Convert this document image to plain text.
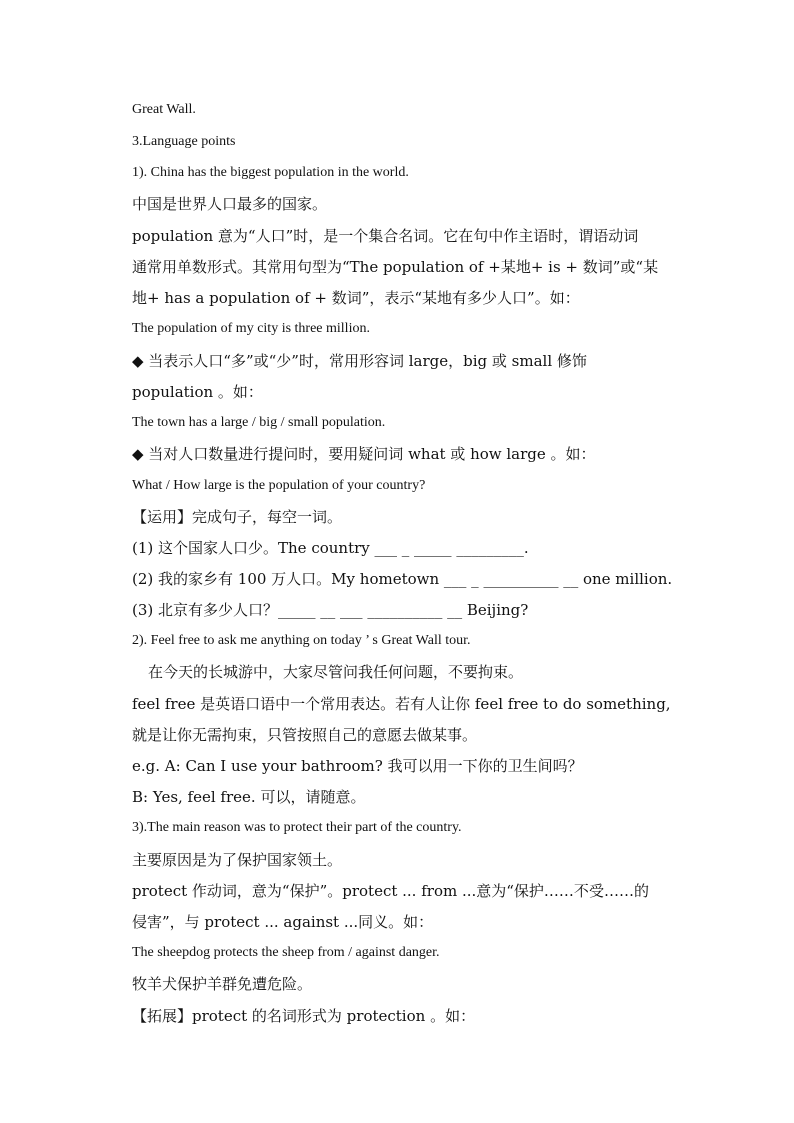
Great Wall.
3.Language points
1). China has the biggest population in the world.
中国是世界人口最多的国家。
population 意为“人口”时，是一个集合名词。它在句中作主语时，谓语动词
通常用单数形式。其常用句型为“The population of +某地+ is + 数词”或“某
地+ has a population of + 数词”，表示“某地有多少人口”。如：
The population of my city is three million.
◆ 当表示人口“多”或“少”时，常用形容词 large，big 或 small 修饰
population 。如：
The town has a large / big / small population.
◆ 当对人口数量进行提问时，要用疑问词 what 或 how large 。如：
What / How large is the population of your country?
【运用】完成句子，每空一词。
(1) 这个国家人口少。The country ___ _ _____ _________.
(2) 我的家乡有 100 万人口。My hometown ___ _ __________ __ one million.
(3) 北京有多少人口？_____ __ ___ __________ __ Beijing?
2). Feel free to ask me anything on today ’ s Great Wall tour.
在今天的长城游中，大家尽管问我任何问题，不要拘束。
feel free 是英语口语中一个常用表达。若有人让你 feel free to do something,
就是让你无需拘束，只管按照自己的意愿去做某事。
e.g. A: Can I use your bathroom? 我可以用一下你的卫生间吗？
B: Yes, feel free. 可以，请随意。
3).The main reason was to protect their part of the country.
主要原因是为了保护国家领土。
protect 作动词，意为“保护”。protect ... from ...意为“保护……不受……的
侵害”，与 protect ... against ...同义。如：
The sheepdog protects the sheep from / against danger.
牧羊犬保护羊群免遭危险。
【拓展】protect 的名词形式为 protection 。如：
